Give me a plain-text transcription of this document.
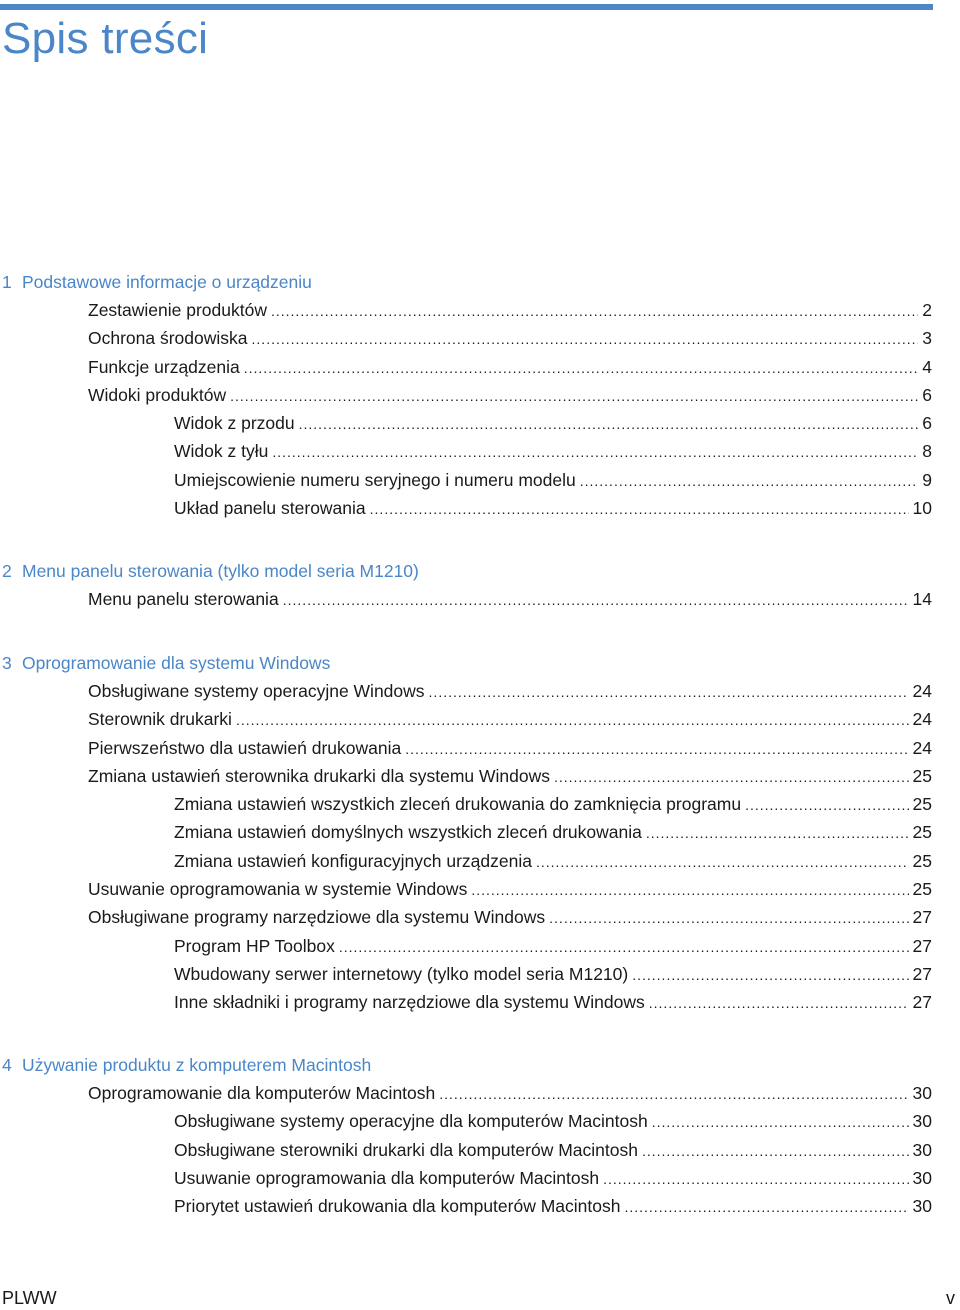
Spis treści
1 Podstawowe informacje o urządzeniu
Zestawienie produktów .....	2
Ochrona środowiska .....	3
Funkcje urządzenia .....	4
Widoki produktów .....	6
Widok z przodu .....	6
Widok z tyłu .....	8
Umiejscowienie numeru seryjnego i numeru modelu .....	9
Układ panelu sterowania .....	10
2 Menu panelu sterowania (tylko model seria M1210)
Menu panelu sterowania .....	14
3 Oprogramowanie dla systemu Windows
Obsługiwane systemy operacyjne Windows .....	24
Sterownik drukarki .....	24
Pierwszeństwo dla ustawień drukowania .....	24
Zmiana ustawień sterownika drukarki dla systemu Windows .....	25
Zmiana ustawień wszystkich zleceń drukowania do zamknięcia programu .....	25
Zmiana ustawień domyślnych wszystkich zleceń drukowania .....	25
Zmiana ustawień konfiguracyjnych urządzenia .....	25
Usuwanie oprogramowania w systemie Windows .....	25
Obsługiwane programy narzędziowe dla systemu Windows .....	27
Program HP Toolbox .....	27
Wbudowany serwer internetowy (tylko model seria M1210) .....	27
Inne składniki i programy narzędziowe dla systemu Windows .....	27
4 Używanie produktu z komputerem Macintosh
Oprogramowanie dla komputerów Macintosh .....	30
Obsługiwane systemy operacyjne dla komputerów Macintosh .....	30
Obsługiwane sterowniki drukarki dla komputerów Macintosh .....	30
Usuwanie oprogramowania dla komputerów Macintosh .....	30
Priorytet ustawień drukowania dla komputerów Macintosh .....	30
PLWW	v
